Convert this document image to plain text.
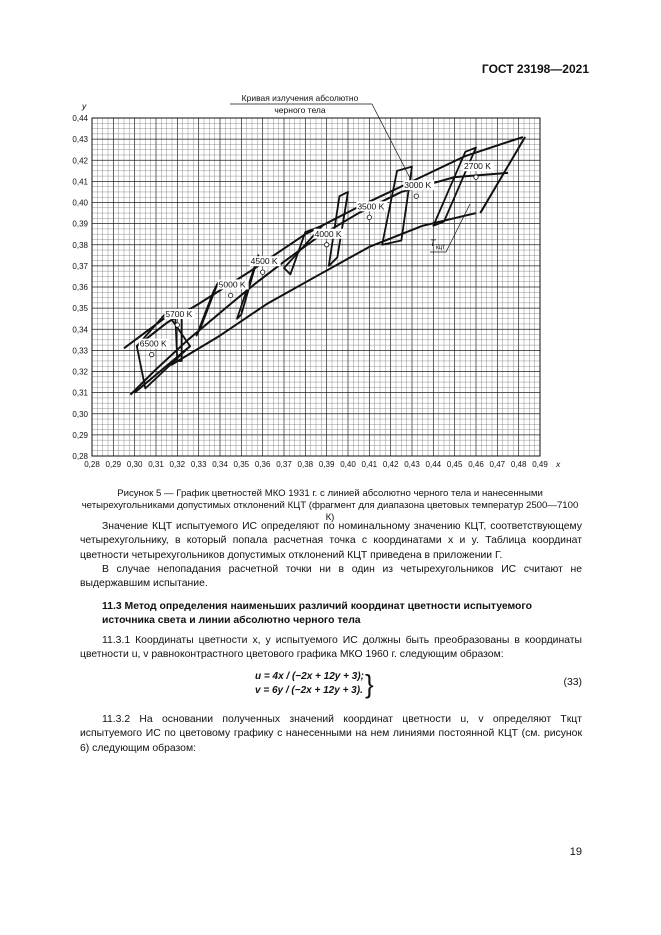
ГОСТ 23198—2021
0,28 0,29 0,30 0,31 0,32 0,33 0,34 0,35 0,36 0,37 0,38 0,39 0,40 0,41 0,42 0,43 0,44 0,45 0,46 0,47 0,48 0,49
0,28
0,29
0,30
0,31
0,32
0,33
0,34
0,35
0,36
0,37
0,38
0,39
0,40
0,41
0,42
0,43
0,44
x
y
6500 K
5700 K
5000 K
4500 K
4000 K
3500 K
3000 K
2700 K
Кривая излучения абсолютно черного тела
T кцт
Рисунок 5 — График цветностей МКО 1931 г. с линией абсолютно черного тела и нанесенными четырехугольниками допустимых отклонений КЦТ (фрагмент для диапазона цветовых температур 2500—7100 К)

Значение КЦТ испытуемого ИС определяют по номинальному значению КЦТ, соответствующему четырехугольнику, в который попала расчетная точка с координатами x и y. Таблица координат цветности четырехугольников допустимых отклонений КЦТ приведена в приложении Г.

В случае непопадания расчетной точки ни в один из четырехугольников ИС считают не выдержавшим испытание.

11.3 Метод определения наименьших различий координат цветности испытуемого источника света и линии абсолютно черного тела

11.3.1 Координаты цветности x, y испытуемого ИС должны быть преобразованы в координаты цветности u, v равноконтрастного цветового графика МКО 1960 г. следующим образом:

u = 4x / (−2x + 12y + 3);
v = 6y / (−2x + 12y + 3). }	(33)

11.3.2 На основании полученных значений координат цветности u, v определяют Tкцт испытуемого ИС по цветовому графику с нанесенными на нем линиями постоянной КЦТ (см. рисунок 6) следующим образом:

19
